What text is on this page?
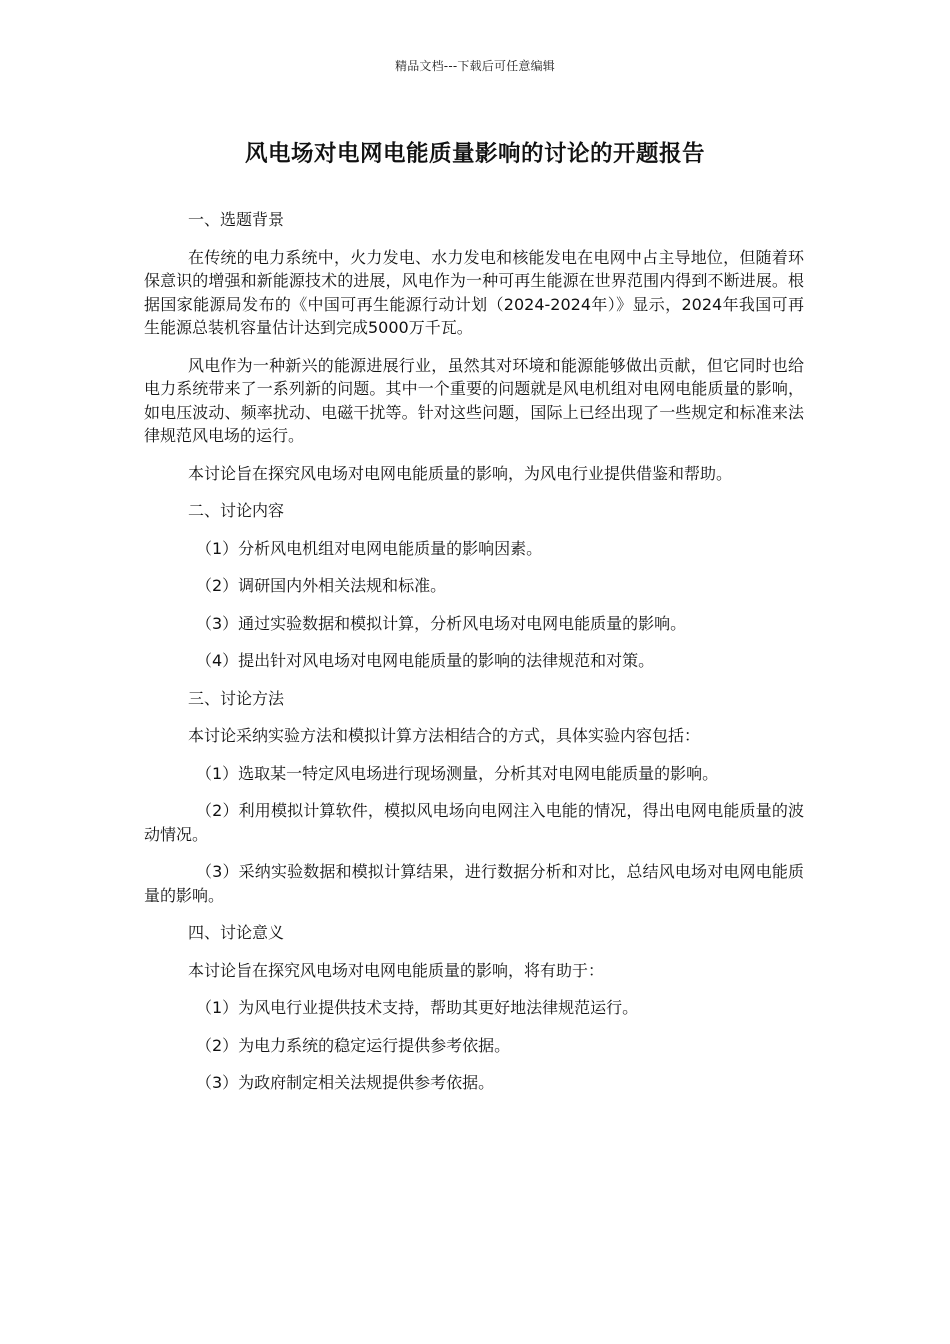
精品文档---下载后可任意编辑
风电场对电网电能质量影响的讨论的开题报告

一、选题背景

在传统的电力系统中，火力发电、水力发电和核能发电在电网中占主导地位，但随着环保意识的增强和新能源技术的进展，风电作为一种可再生能源在世界范围内得到不断进展。根据国家能源局发布的《中国可再生能源行动计划（2024-2024年）》显示，2024年我国可再生能源总装机容量估计达到完成5000万千瓦。

风电作为一种新兴的能源进展行业，虽然其对环境和能源能够做出贡献，但它同时也给电力系统带来了一系列新的问题。其中一个重要的问题就是风电机组对电网电能质量的影响，如电压波动、频率扰动、电磁干扰等。针对这些问题，国际上已经出现了一些规定和标准来法律规范风电场的运行。

本讨论旨在探究风电场对电网电能质量的影响，为风电行业提供借鉴和帮助。

二、讨论内容

（1）分析风电机组对电网电能质量的影响因素。

（2）调研国内外相关法规和标准。

（3）通过实验数据和模拟计算，分析风电场对电网电能质量的影响。

（4）提出针对风电场对电网电能质量的影响的法律规范和对策。

三、讨论方法

本讨论采纳实验方法和模拟计算方法相结合的方式，具体实验内容包括：

（1）选取某一特定风电场进行现场测量，分析其对电网电能质量的影响。

（2）利用模拟计算软件，模拟风电场向电网注入电能的情况，得出电网电能质量的波动情况。

（3）采纳实验数据和模拟计算结果，进行数据分析和对比，总结风电场对电网电能质量的影响。

四、讨论意义

本讨论旨在探究风电场对电网电能质量的影响，将有助于：

（1）为风电行业提供技术支持，帮助其更好地法律规范运行。

（2）为电力系统的稳定运行提供参考依据。

（3）为政府制定相关法规提供参考依据。
